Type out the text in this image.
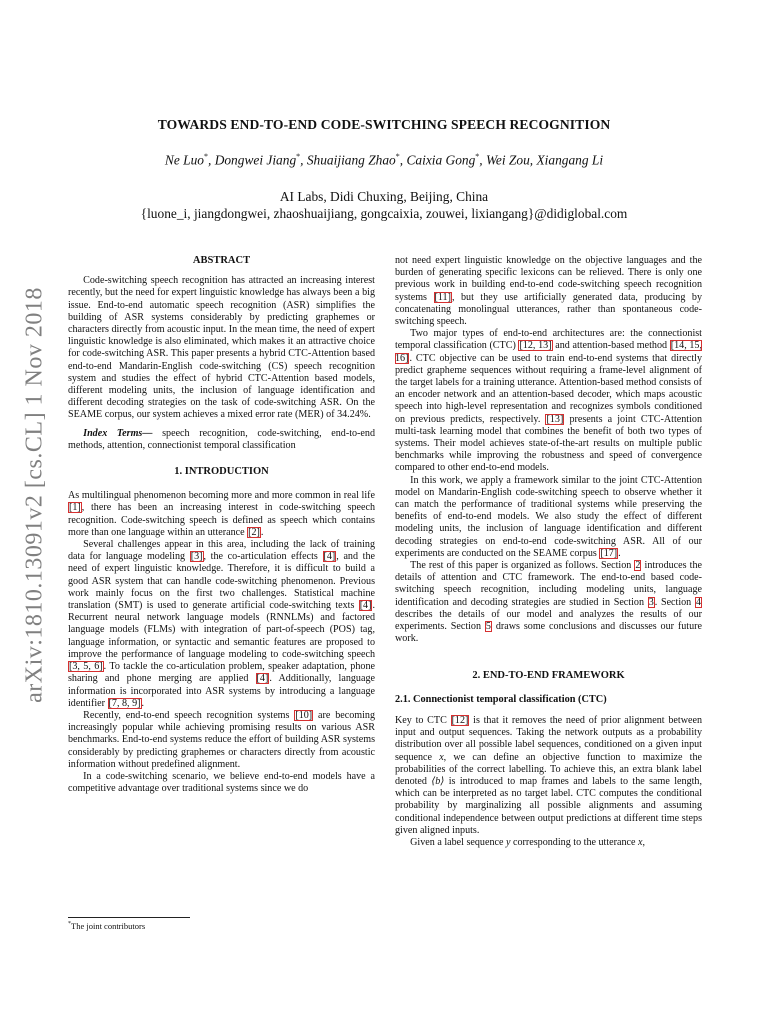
arXiv:1810.13091v2 [cs.CL] 1 Nov 2018
TOWARDS END-TO-END CODE-SWITCHING SPEECH RECOGNITION
Ne Luo*, Dongwei Jiang*, Shuaijiang Zhao*, Caixia Gong*, Wei Zou, Xiangang Li
AI Labs, Didi Chuxing, Beijing, China
{luone_i, jiangdongwei, zhaoshuaijiang, gongcaixia, zouwei, lixiangang}@didiglobal.com
ABSTRACT

Code-switching speech recognition has attracted an increasing interest recently, but the need for expert linguistic knowledge has always been a big issue. End-to-end automatic speech recognition (ASR) simplifies the building of ASR systems considerably by predicting graphemes or characters directly from acoustic input. In the mean time, the need of expert linguistic knowledge is also eliminated, which makes it an attractive choice for code-switching ASR. This paper presents a hybrid CTC-Attention based end-to-end Mandarin-English code-switching (CS) speech recognition system and studies the effect of hybrid CTC-Attention based models, different modeling units, the inclusion of language identification and different decoding strategies on the task of code-switching ASR. On the SEAME corpus, our system achieves a mixed error rate (MER) of 34.24%.

Index Terms— speech recognition, code-switching, end-to-end methods, attention, connectionist temporal classification

1. INTRODUCTION

As multilingual phenomenon becoming more and more common in real life [1], there has been an increasing interest in code-switching speech recognition. Code-switching speech is defined as speech which contains more than one language within an utterance [2].

Several challenges appear in this area, including the lack of training data for language modeling [3], the co-articulation effects [4], and the need of expert linguistic knowledge. Therefore, it is difficult to build a good ASR system that can handle code-switching phenomenon. Previous work mainly focus on the first two challenges. Statistical machine translation (SMT) is used to generate artificial code-switching texts [4]. Recurrent neural network language models (RNNLMs) and factored language models (FLMs) with integration of part-of-speech (POS) tag, language information, or syntactic and semantic features are proposed to improve the performance of language modeling to code-switching speech [3, 5, 6]. To tackle the co-articulation problem, speaker adaptation, phone sharing and phone merging are applied [4]. Additionally, language information is incorporated into ASR systems by introducing a language identifier [7, 8, 9].

Recently, end-to-end speech recognition systems [10] are becoming increasingly popular while achieving promising results on various ASR benchmarks. End-to-end systems reduce the effort of building ASR systems considerably by predicting graphemes or characters directly from acoustic information without predefined alignment.

In a code-switching scenario, we believe end-to-end models have a competitive advantage over traditional systems since we do

not need expert linguistic knowledge on the objective languages and the burden of generating specific lexicons can be relieved. There is only one previous work in building end-to-end code-switching speech recognition systems [11], but they use artificially generated data, producing by concatenating monolingual utterances, rather than spontaneous code-switching speech.

Two major types of end-to-end architectures are: the connectionist temporal classification (CTC) [12, 13] and attention-based method [14, 15, 16]. CTC objective can be used to train end-to-end systems that directly predict grapheme sequences without requiring a frame-level alignment of the target labels for a training utterance. Attention-based method consists of an encoder network and an attention-based decoder, which maps acoustic speech into high-level representation and recognizes symbols conditioned on previous predicts, respectively. [13] presents a joint CTC-Attention multi-task learning model that combines the benefit of both two types of systems. Their model achieves state-of-the-art results on multiple public benchmarks while improving the robustness and speed of convergence compared to other end-to-end models.

In this work, we apply a framework similar to the joint CTC-Attention model on Mandarin-English code-switching speech to observe whether it can match the performance of traditional systems while preserving the benefits of end-to-end models. We also study the effect of different modeling units, the inclusion of language identification and different decoding strategies on end-to-end code-switching ASR. All of our experiments are conducted on the SEAME corpus [17].

The rest of this paper is organized as follows. Section 2 introduces the details of attention and CTC framework. The end-to-end based code-switching speech recognition, including modeling units, language identification and decoding strategies are studied in Section 3. Section 4 describes the details of our model and analyzes the results of our experiments. Section 5 draws some conclusions and discusses our future work.

2. END-TO-END FRAMEWORK
2.1. Connectionist temporal classification (CTC)

Key to CTC [12] is that it removes the need of prior alignment between input and output sequences. Taking the network outputs as a probability distribution over all possible label sequences, conditioned on a given input sequence x, we can define an objective function to maximize the probabilities of the correct labelling. To achieve this, an extra blank label denoted ⟨b⟩ is introduced to map frames and labels to the same length, which can be interpreted as no target label. CTC computes the conditional probability by marginalizing all possible alignments and assuming conditional independence between output predictions at different time steps given aligned inputs.

Given a label sequence y corresponding to the utterance x,

*The joint contributors
